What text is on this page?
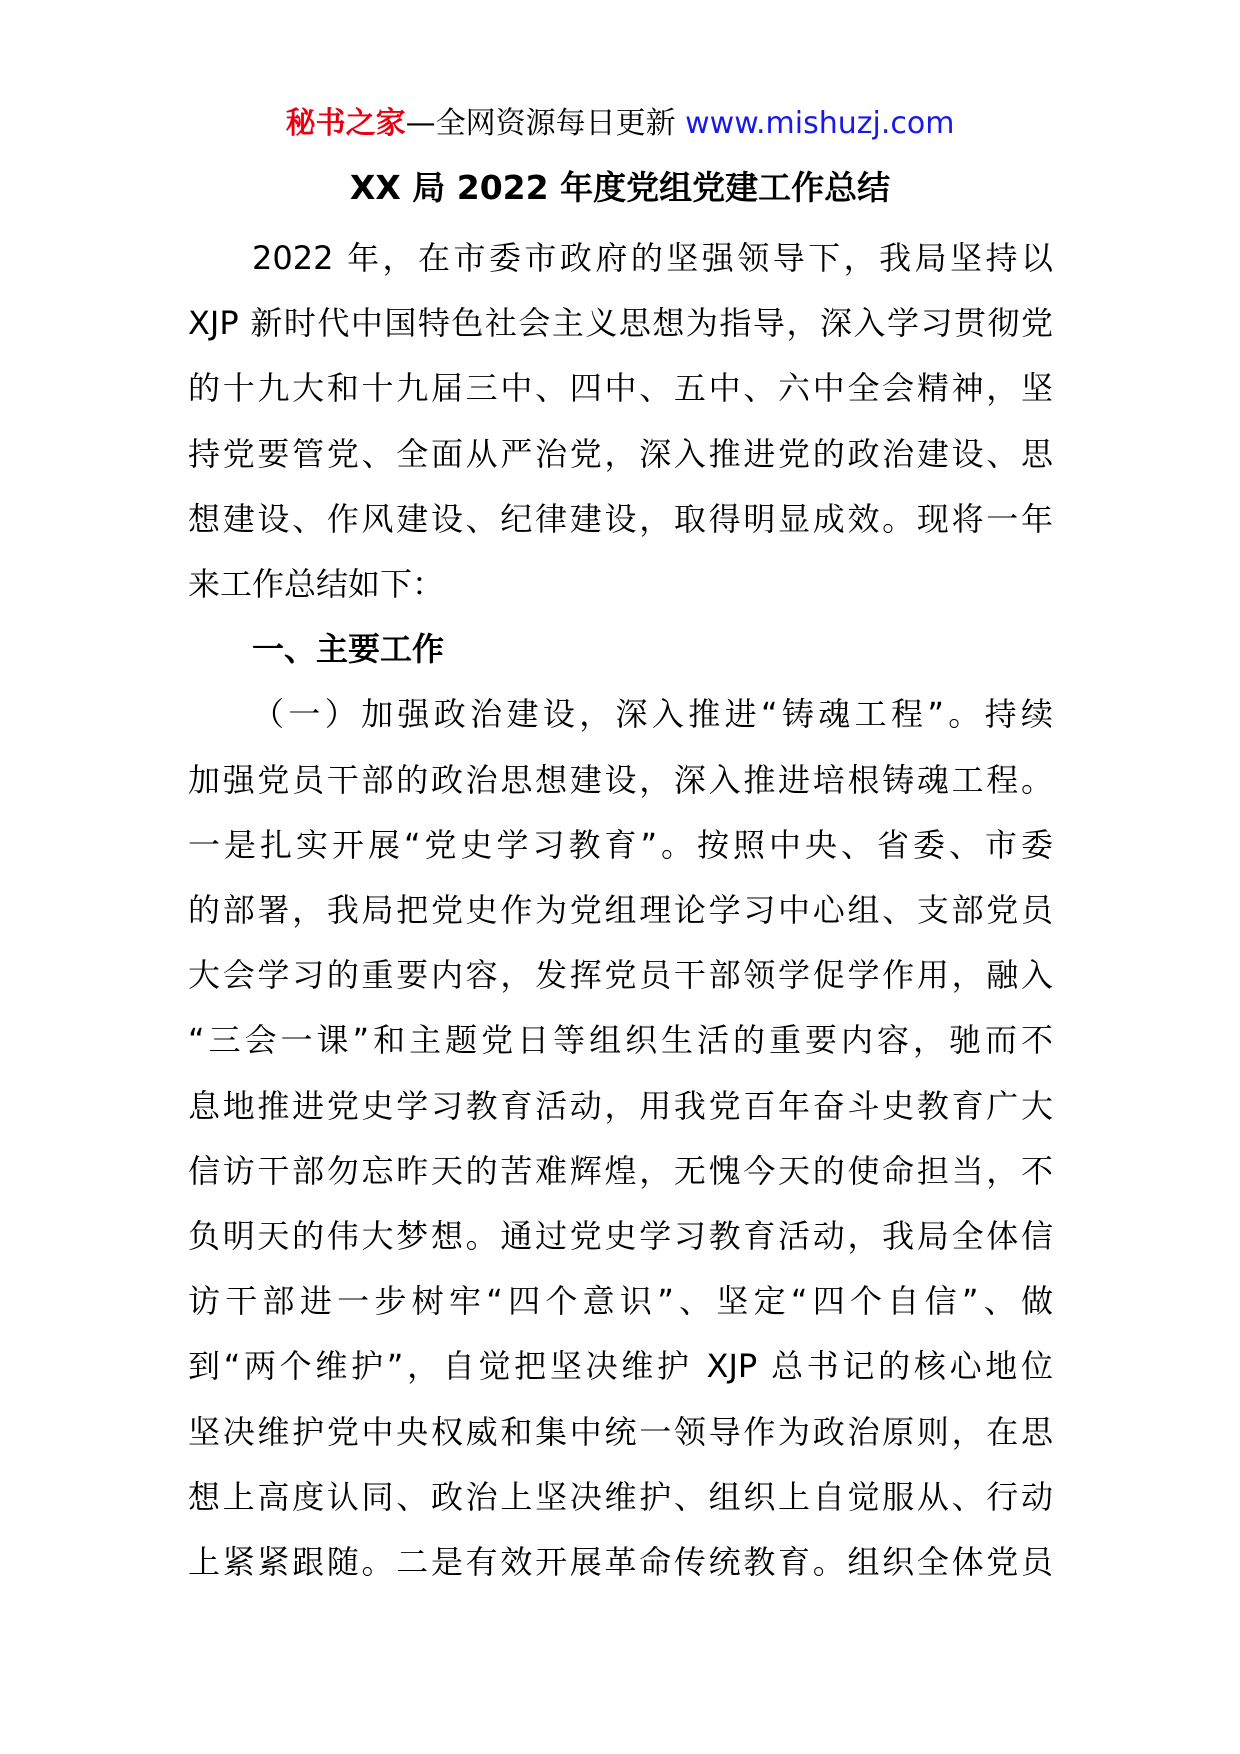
秘书之家—全网资源每日更新 www.mishuzj.com
XX 局 2022 年度党组党建工作总结

2022 年，在市委市政府的坚强领导下，我局坚持以
XJP 新时代中国特色社会主义思想为指导，深入学习贯彻党
的十九大和十九届三中、四中、五中、六中全会精神，坚
持党要管党、全面从严治党，深入推进党的政治建设、思
想建设、作风建设、纪律建设，取得明显成效。现将一年
来工作总结如下：

一、主要工作

（一）加强政治建设，深入推进“铸魂工程”。持续
加强党员干部的政治思想建设，深入推进培根铸魂工程。
一是扎实开展“党史学习教育”。按照中央、省委、市委
的部署，我局把党史作为党组理论学习中心组、支部党员
大会学习的重要内容，发挥党员干部领学促学作用，融入
“三会一课”和主题党日等组织生活的重要内容，驰而不
息地推进党史学习教育活动，用我党百年奋斗史教育广大
信访干部勿忘昨天的苦难辉煌，无愧今天的使命担当，不
负明天的伟大梦想。通过党史学习教育活动，我局全体信
访干部进一步树牢“四个意识”、坚定“四个自信”、做
到“两个维护”，自觉把坚决维护 XJP 总书记的核心地位
坚决维护党中央权威和集中统一领导作为政治原则，在思
想上高度认同、政治上坚决维护、组织上自觉服从、行动
上紧紧跟随。二是有效开展革命传统教育。组织全体党员
